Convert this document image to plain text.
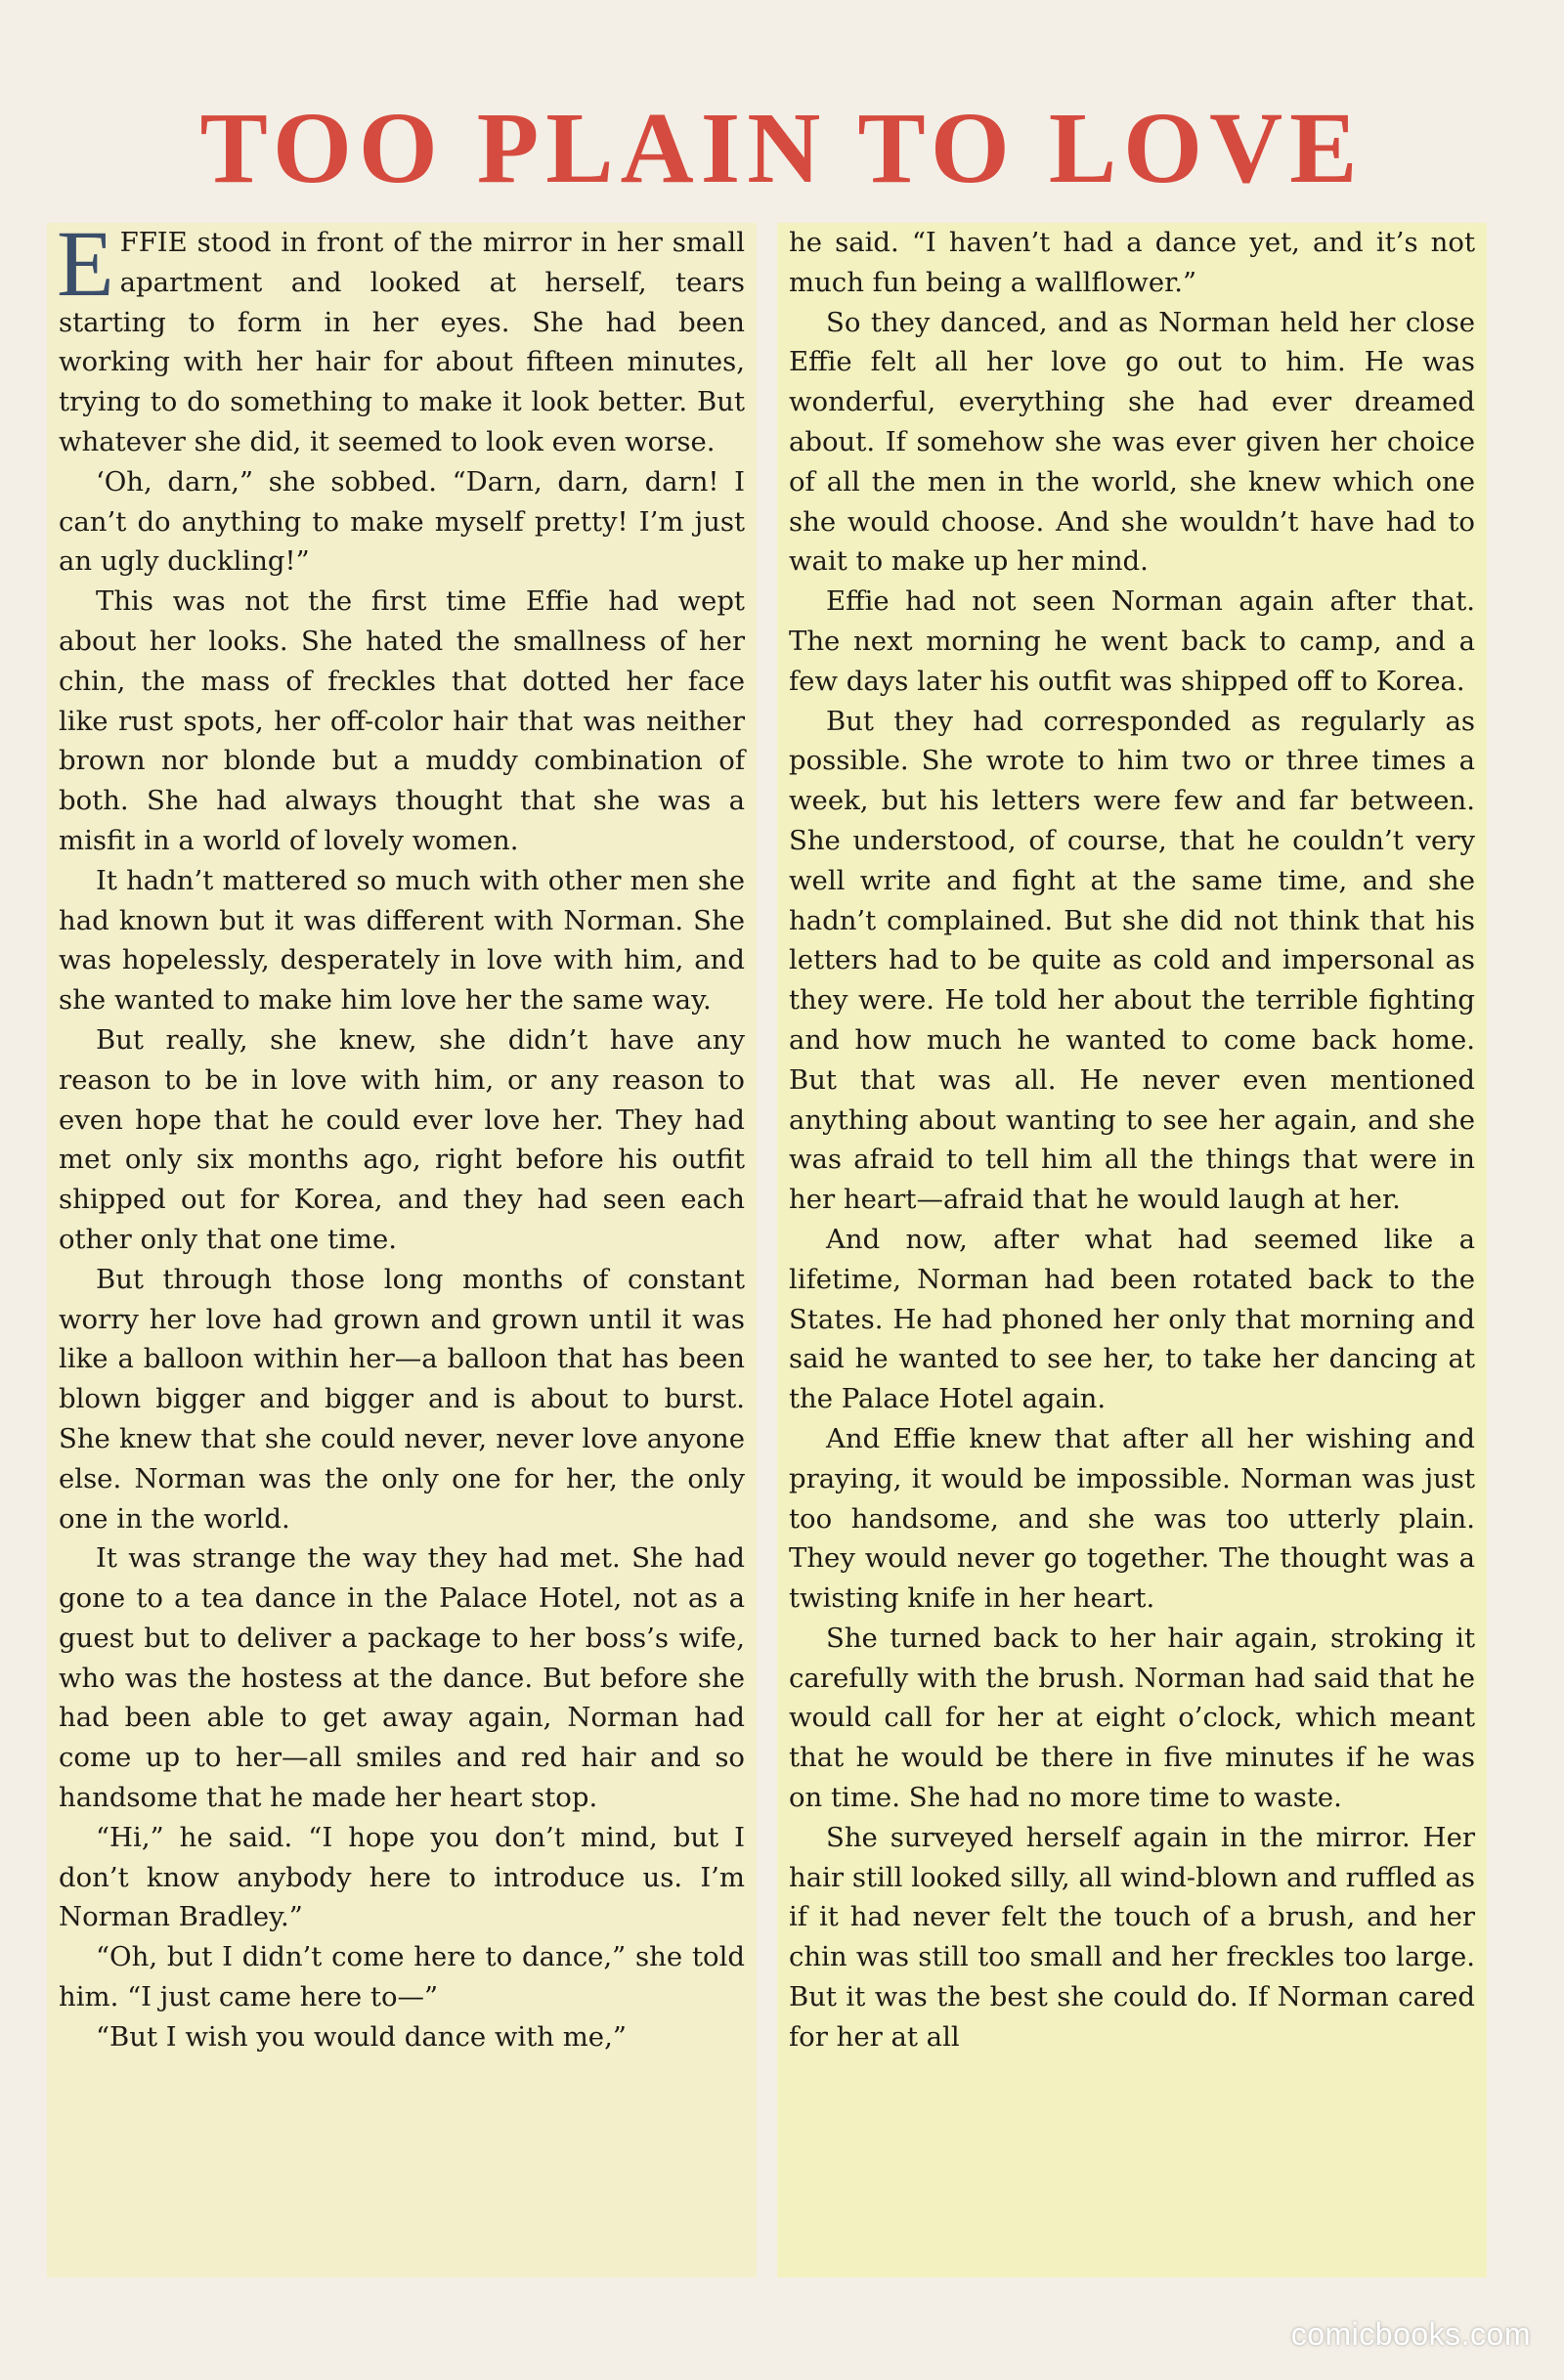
TOO PLAIN TO LOVE

EFFIE stood in front of the mirror in her small apartment and looked at herself, tears starting to form in her eyes. She had been working with her hair for about fifteen minutes, trying to do something to make it look better. But whatever she did, it seemed to look even worse.

‘Oh, darn,” she sobbed. “Darn, darn, darn! I can’t do anything to make myself pretty! I’m just an ugly duckling!”

This was not the first time Effie had wept about her looks. She hated the smallness of her chin, the mass of freckles that dotted her face like rust spots, her off-color hair that was neither brown nor blonde but a muddy combination of both. She had always thought that she was a misfit in a world of lovely women.

It hadn’t mattered so much with other men she had known but it was different with Norman. She was hopelessly, desperately in love with him, and she wanted to make him love her the same way.

But really, she knew, she didn’t have any reason to be in love with him, or any reason to even hope that he could ever love her. They had met only six months ago, right before his outfit shipped out for Korea, and they had seen each other only that one time.

But through those long months of constant worry her love had grown and grown until it was like a balloon within her—a balloon that has been blown bigger and bigger and is about to burst. She knew that she could never, never love anyone else. Norman was the only one for her, the only one in the world.

It was strange the way they had met. She had gone to a tea dance in the Palace Hotel, not as a guest but to deliver a package to her boss’s wife, who was the hostess at the dance. But before she had been able to get away again, Norman had come up to her—all smiles and red hair and so handsome that he made her heart stop.

“Hi,” he said. “I hope you don’t mind, but I don’t know anybody here to introduce us. I’m Norman Bradley.”

“Oh, but I didn’t come here to dance,” she told him. “I just came here to—”

“But I wish you would dance with me,”

he said. “I haven’t had a dance yet, and it’s not much fun being a wallflower.”

So they danced, and as Norman held her close Effie felt all her love go out to him. He was wonderful, everything she had ever dreamed about. If somehow she was ever given her choice of all the men in the world, she knew which one she would choose. And she wouldn’t have had to wait to make up her mind.

Effie had not seen Norman again after that. The next morning he went back to camp, and a few days later his outfit was shipped off to Korea.

But they had corresponded as regularly as possible. She wrote to him two or three times a week, but his letters were few and far between. She understood, of course, that he couldn’t very well write and fight at the same time, and she hadn’t complained. But she did not think that his letters had to be quite as cold and impersonal as they were. He told her about the terrible fighting and how much he wanted to come back home. But that was all. He never even mentioned anything about wanting to see her again, and she was afraid to tell him all the things that were in her heart—afraid that he would laugh at her.

And now, after what had seemed like a lifetime, Norman had been rotated back to the States. He had phoned her only that morning and said he wanted to see her, to take her dancing at the Palace Hotel again.

And Effie knew that after all her wishing and praying, it would be impossible. Norman was just too handsome, and she was too utterly plain. They would never go together. The thought was a twisting knife in her heart.

She turned back to her hair again, stroking it carefully with the brush. Norman had said that he would call for her at eight o’clock, which meant that he would be there in five minutes if he was on time. She had no more time to waste.

She surveyed herself again in the mirror. Her hair still looked silly, all wind-blown and ruffled as if it had never felt the touch of a brush, and her chin was still too small and her freckles too large. But it was the best she could do. If Norman cared for her at all

comicbooks.com
